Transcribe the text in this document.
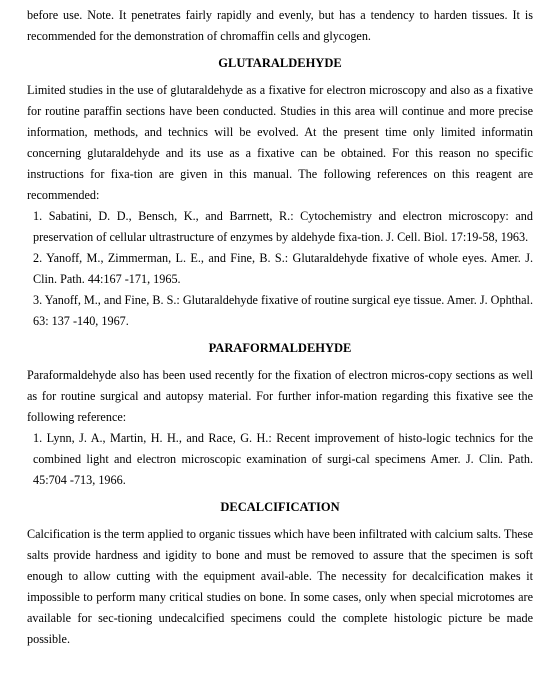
before use. Note. It penetrates fairly rapidly and evenly, but has a tendency to harden tissues. It is recommended for the demonstration of chromaffin cells and glycogen.

GLUTARALDEHYDE

Limited studies in the use of glutaraldehyde as a fixative for electron microscopy and also as a fixative for routine paraffin sections have been conducted. Studies in this area will continue and more precise information, methods, and technics will be evolved. At the present time only limited informatin concerning glutaraldehyde and its use as a fixative can be obtained. For this reason no specific instructions for fixa-tion are given in this manual. The following references on this reagent are recommended:

1. Sabatini, D. D., Bensch, K., and Barrnett, R.: Cytochemistry and electron microscopy: and preservation of cellular ultrastructure of enzymes by aldehyde fixa-tion. J. Cell. Biol. 17:19-58, 1963.
2. Yanoff, M., Zimmerman, L. E., and Fine, B. S.: Glutaraldehyde fixative of whole eyes. Amer. J. Clin. Path. 44:167 -171, 1965.
3. Yanoff, M., and Fine, B. S.: Glutaraldehyde fixative of routine surgical eye tissue. Amer. J. Ophthal. 63: 137 -140, 1967.
PARAFORMALDEHYDE

Paraformaldehyde also has been used recently for the fixation of electron micros-copy sections as well as for routine surgical and autopsy material. For further infor-mation regarding this fixative see the following reference:

1. Lynn, J. A., Martin, H. H., and Race, G. H.: Recent improvement of histo-logic technics for the combined light and electron microscopic examination of surgi-cal specimens Amer. J. Clin. Path. 45:704 -713, 1966.
DECALCIFICATION

Calcification is the term applied to organic tissues which have been infiltrated with calcium salts. These salts provide hardness and igidity to bone and must be removed to assure that the specimen is soft enough to allow cutting with the equipment avail-able. The necessity for decalcification makes it impossible to perform many critical studies on bone. In some cases, only when special microtomes are available for sec-tioning undecalcified specimens could the complete histologic picture be made possible.
